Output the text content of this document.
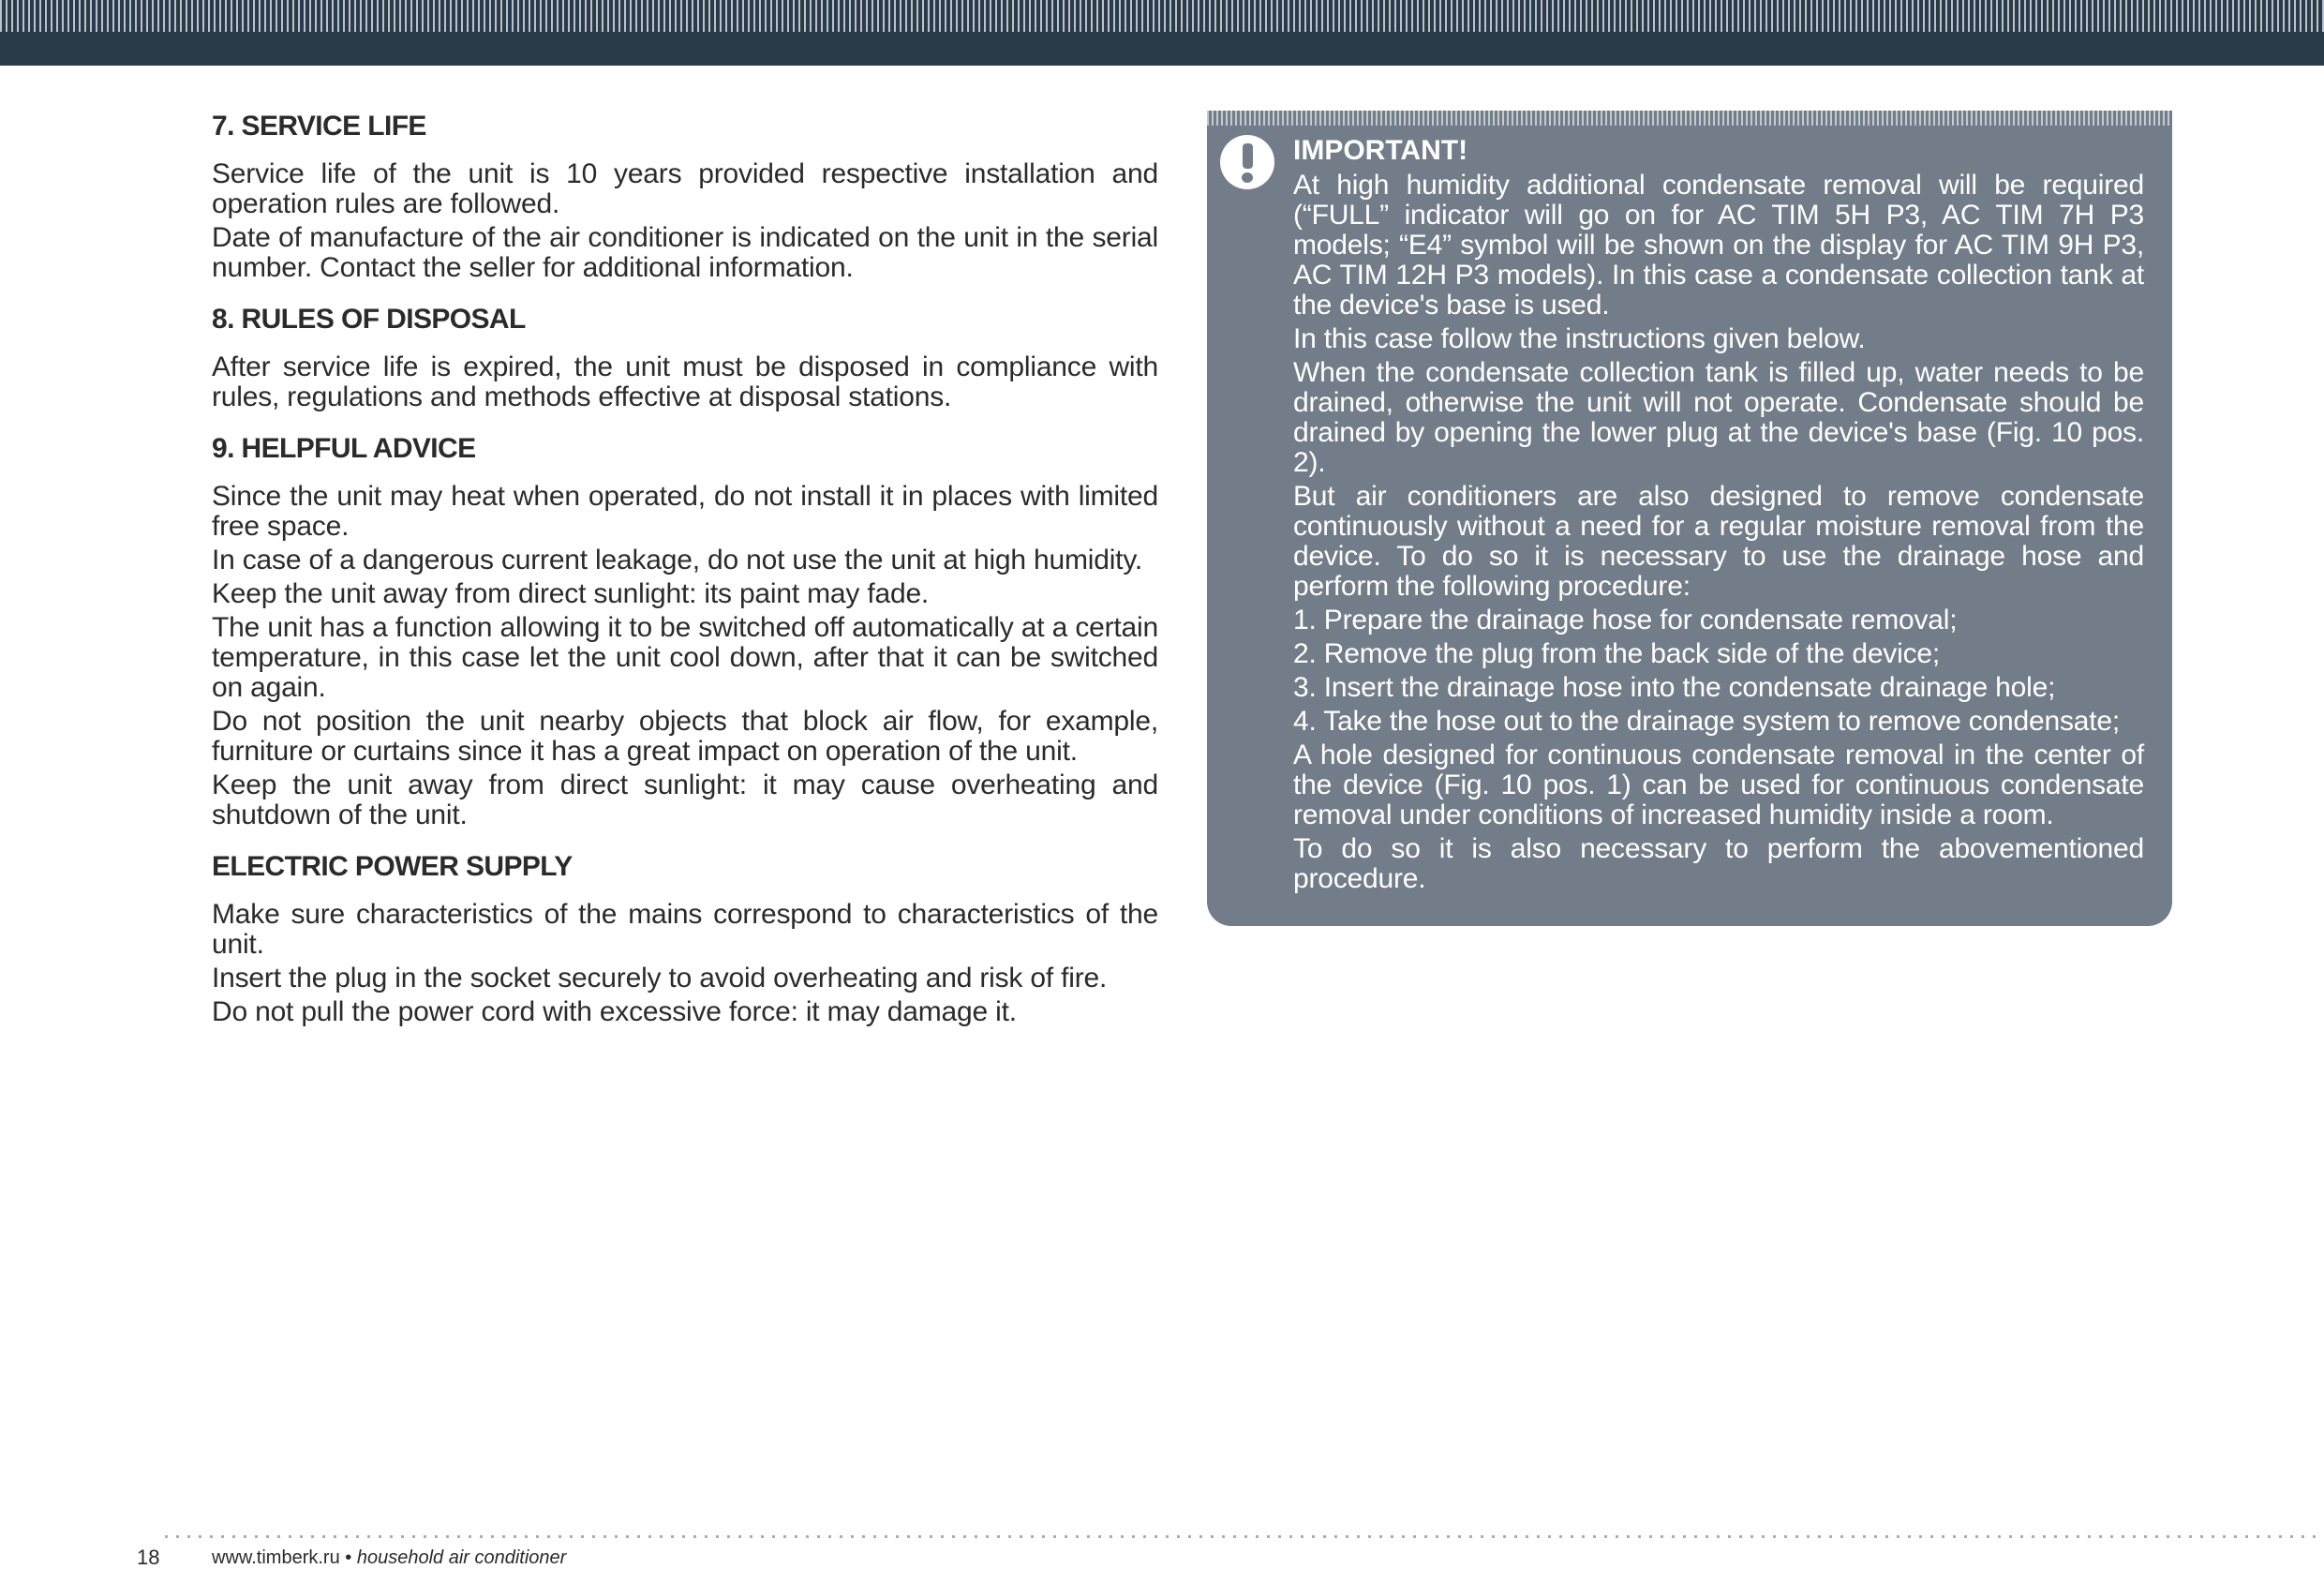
7. SERVICE LIFE

Service life of the unit is 10 years provided respective installation and operation rules are followed.

Date of manufacture of the air conditioner is indicated on the unit in the serial number. Contact the seller for additional information.

8. RULES OF DISPOSAL

After service life is expired, the unit must be disposed in compliance with rules, regulations and methods effective at disposal stations.

9. HELPFUL ADVICE

Since the unit may heat when operated, do not install it in places with limited free space.

In case of a dangerous current leakage, do not use the unit at high humidity.

Keep the unit away from direct sunlight: its paint may fade.

The unit has a function allowing it to be switched off automatically at a certain temperature, in this case let the unit cool down, after that it can be switched on again.

Do not position the unit nearby objects that block air flow, for example, furniture or curtains since it has a great impact on operation of the unit.

Keep the unit away from direct sunlight: it may cause overheating and shutdown of the unit.

ELECTRIC POWER SUPPLY

Make sure characteristics of the mains correspond to characteristics of the unit.

Insert the plug in the socket securely to avoid overheating and risk of fire.

Do not pull the power cord with excessive force: it may damage it.

IMPORTANT!

At high humidity additional condensate removal will be required (“FULL” indicator will go on for AC TIM 5H P3, AC TIM 7H P3 models; “E4” symbol will be shown on the display for AC TIM 9H P3, AC TIM 12H P3 models). In this case a condensate collection tank at the device's base is used.

In this case follow the instructions given below.

When the condensate collection tank is filled up, water needs to be drained, otherwise the unit will not operate. Condensate should be drained by opening the lower plug at the device's base (Fig. 10 pos. 2).

But air conditioners are also designed to remove condensate continuously without a need for a regular moisture removal from the device. To do so it is necessary to use the drainage hose and perform the following procedure:

1. Prepare the drainage hose for condensate removal;

2. Remove the plug from the back side of the device;

3. Insert the drainage hose into the condensate drainage hole;

4. Take the hose out to the drainage system to remove condensate;

A hole designed for continuous condensate removal in the center of the device (Fig. 10 pos. 1) can be used for continuous condensate removal under conditions of increased humidity inside a room.

To do so it is also necessary to perform the abovementioned procedure.

18	www.timberk.ru • household air conditioner
